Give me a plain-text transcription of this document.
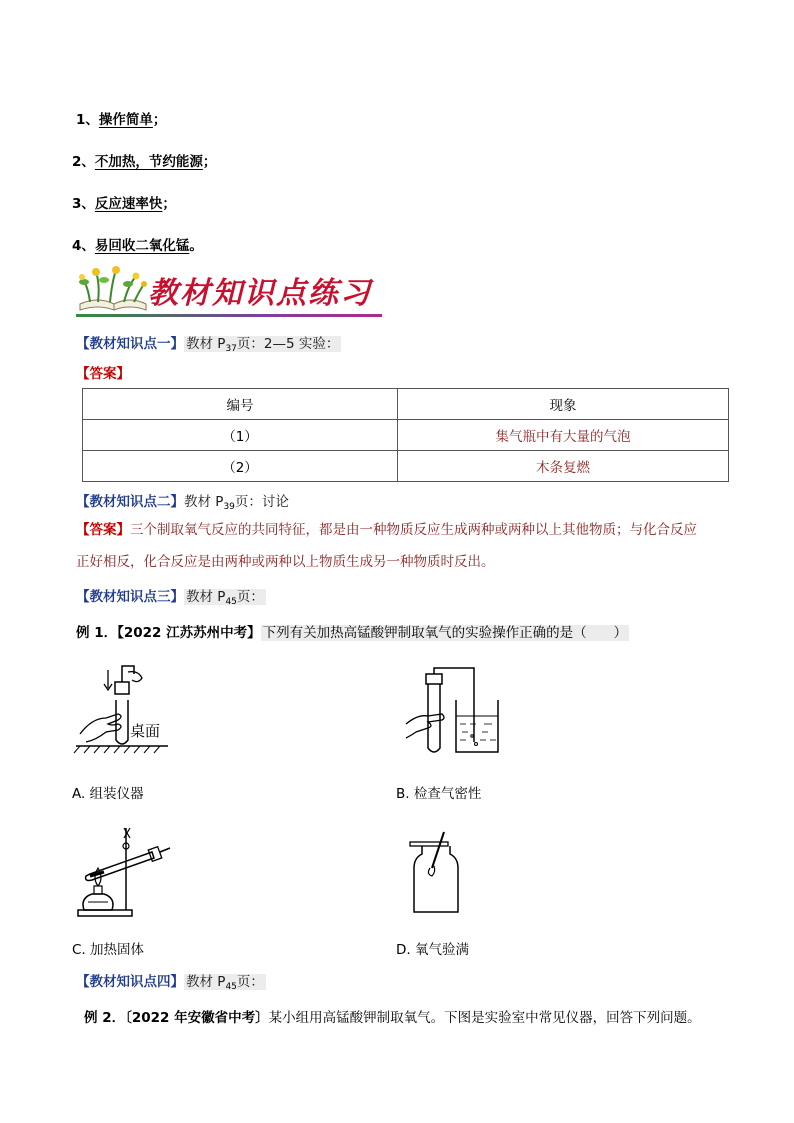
1、操作简单；
2、不加热，节约能源；
3、反应速率快；
4、易回收二氧化锰。
教材知识点练习
【教材知识点一】 教材 $P_{37}$页：2—5 实验：
【答案】
编号	现象
（1）	集气瓶中有大量的气泡
（2）	木条复燃
【教材知识点二】教材 $P_{39}$页：讨论
【答案】三个制取氧气反应的共同特征，都是由一种物质反应生成两种或两种以上其他物质；与化合反应
正好相反，化合反应是由两种或两种以上物质生成另一种物质时反出。
【教材知识点三】 教材 $P_{45}$页：
例 1．【2022 江苏苏州中考】 下列有关加热高锰酸钾制取氧气的实验操作正确的是（　　）
桌面
A. 组装仪器	B. 检查气密性
C. 加热固体	D. 氧气验满
【教材知识点四】 教材 $P_{45}$页：
例 2．〔2022 年安徽省中考〕某小组用高锰酸钾制取氧气。下图是实验室中常见仪器，回答下列问题。
